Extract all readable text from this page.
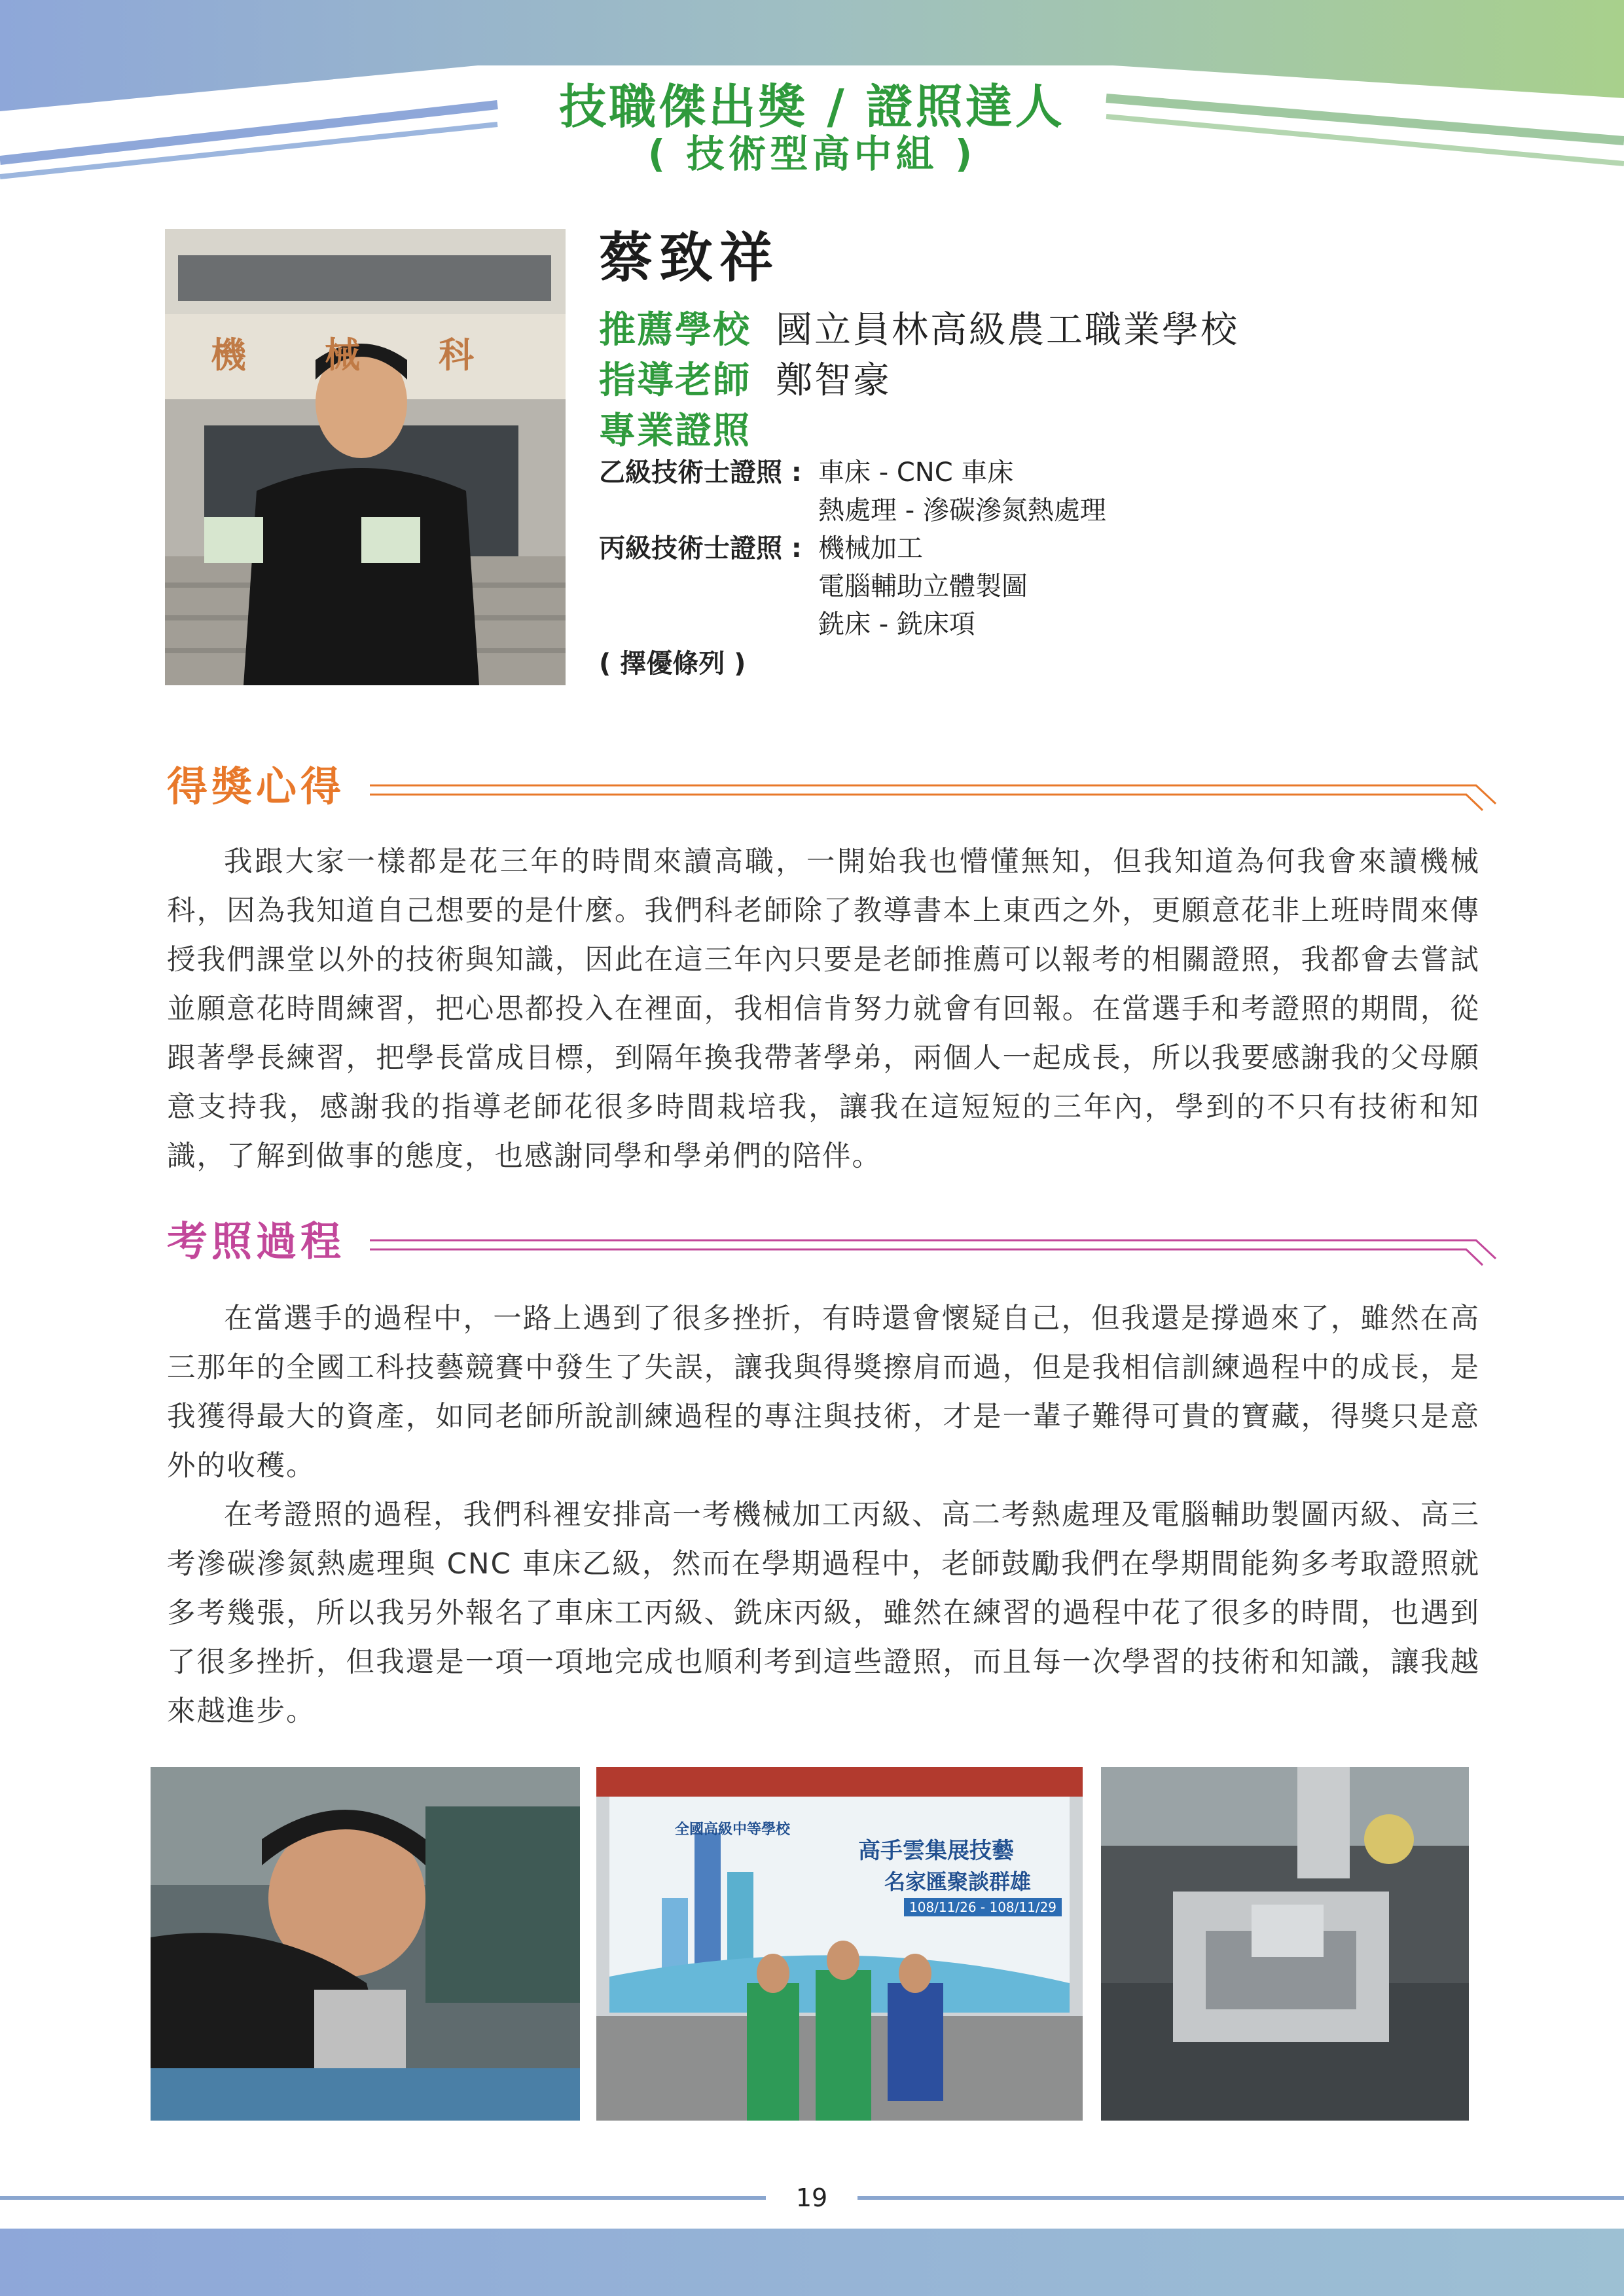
技職傑出獎 / 證照達人
( 技術型高中組 )
機　　械　　科
蔡致祥
推薦學校 國立員林高級農工職業學校
指導老師 鄭智豪
專業證照
乙級技術士證照 : 車床 - CNC 車床
熱處理 - 滲碳滲氮熱處理
丙級技術士證照 : 機械加工
電腦輔助立體製圖
銑床 - 銑床項
( 擇優條列 )
得獎心得
我跟大家一樣都是花三年的時間來讀高職，一開始我也懵懂無知，但我知道為何我會來讀機械科，因為我知道自己想要的是什麼。我們科老師除了教導書本上東西之外，更願意花非上班時間來傳授我們課堂以外的技術與知識，因此在這三年內只要是老師推薦可以報考的相關證照，我都會去嘗試並願意花時間練習，把心思都投入在裡面，我相信肯努力就會有回報。在當選手和考證照的期間，從跟著學長練習，把學長當成目標，到隔年換我帶著學弟，兩個人一起成長，所以我要感謝我的父母願意支持我，感謝我的指導老師花很多時間栽培我，讓我在這短短的三年內，學到的不只有技術和知識，了解到做事的態度，也感謝同學和學弟們的陪伴。
考照過程
在當選手的過程中，一路上遇到了很多挫折，有時還會懷疑自己，但我還是撐過來了，雖然在高三那年的全國工科技藝競賽中發生了失誤，讓我與得獎擦肩而過，但是我相信訓練過程中的成長，是我獲得最大的資產，如同老師所說訓練過程的專注與技術，才是一輩子難得可貴的寶藏，得獎只是意外的收穫。
在考證照的過程，我們科裡安排高一考機械加工丙級、高二考熱處理及電腦輔助製圖丙級、高三考滲碳滲氮熱處理與 CNC 車床乙級，然而在學期過程中，老師鼓勵我們在學期間能夠多考取證照就多考幾張，所以我另外報名了車床工丙級、銑床丙級，雖然在練習的過程中花了很多的時間，也遇到了很多挫折，但我還是一項一項地完成也順利考到這些證照，而且每一次學習的技術和知識，讓我越來越進步。
全國高級中等學校
高手雲集展技藝
名家匯聚談群雄
108/11/26 - 108/11/29
19
